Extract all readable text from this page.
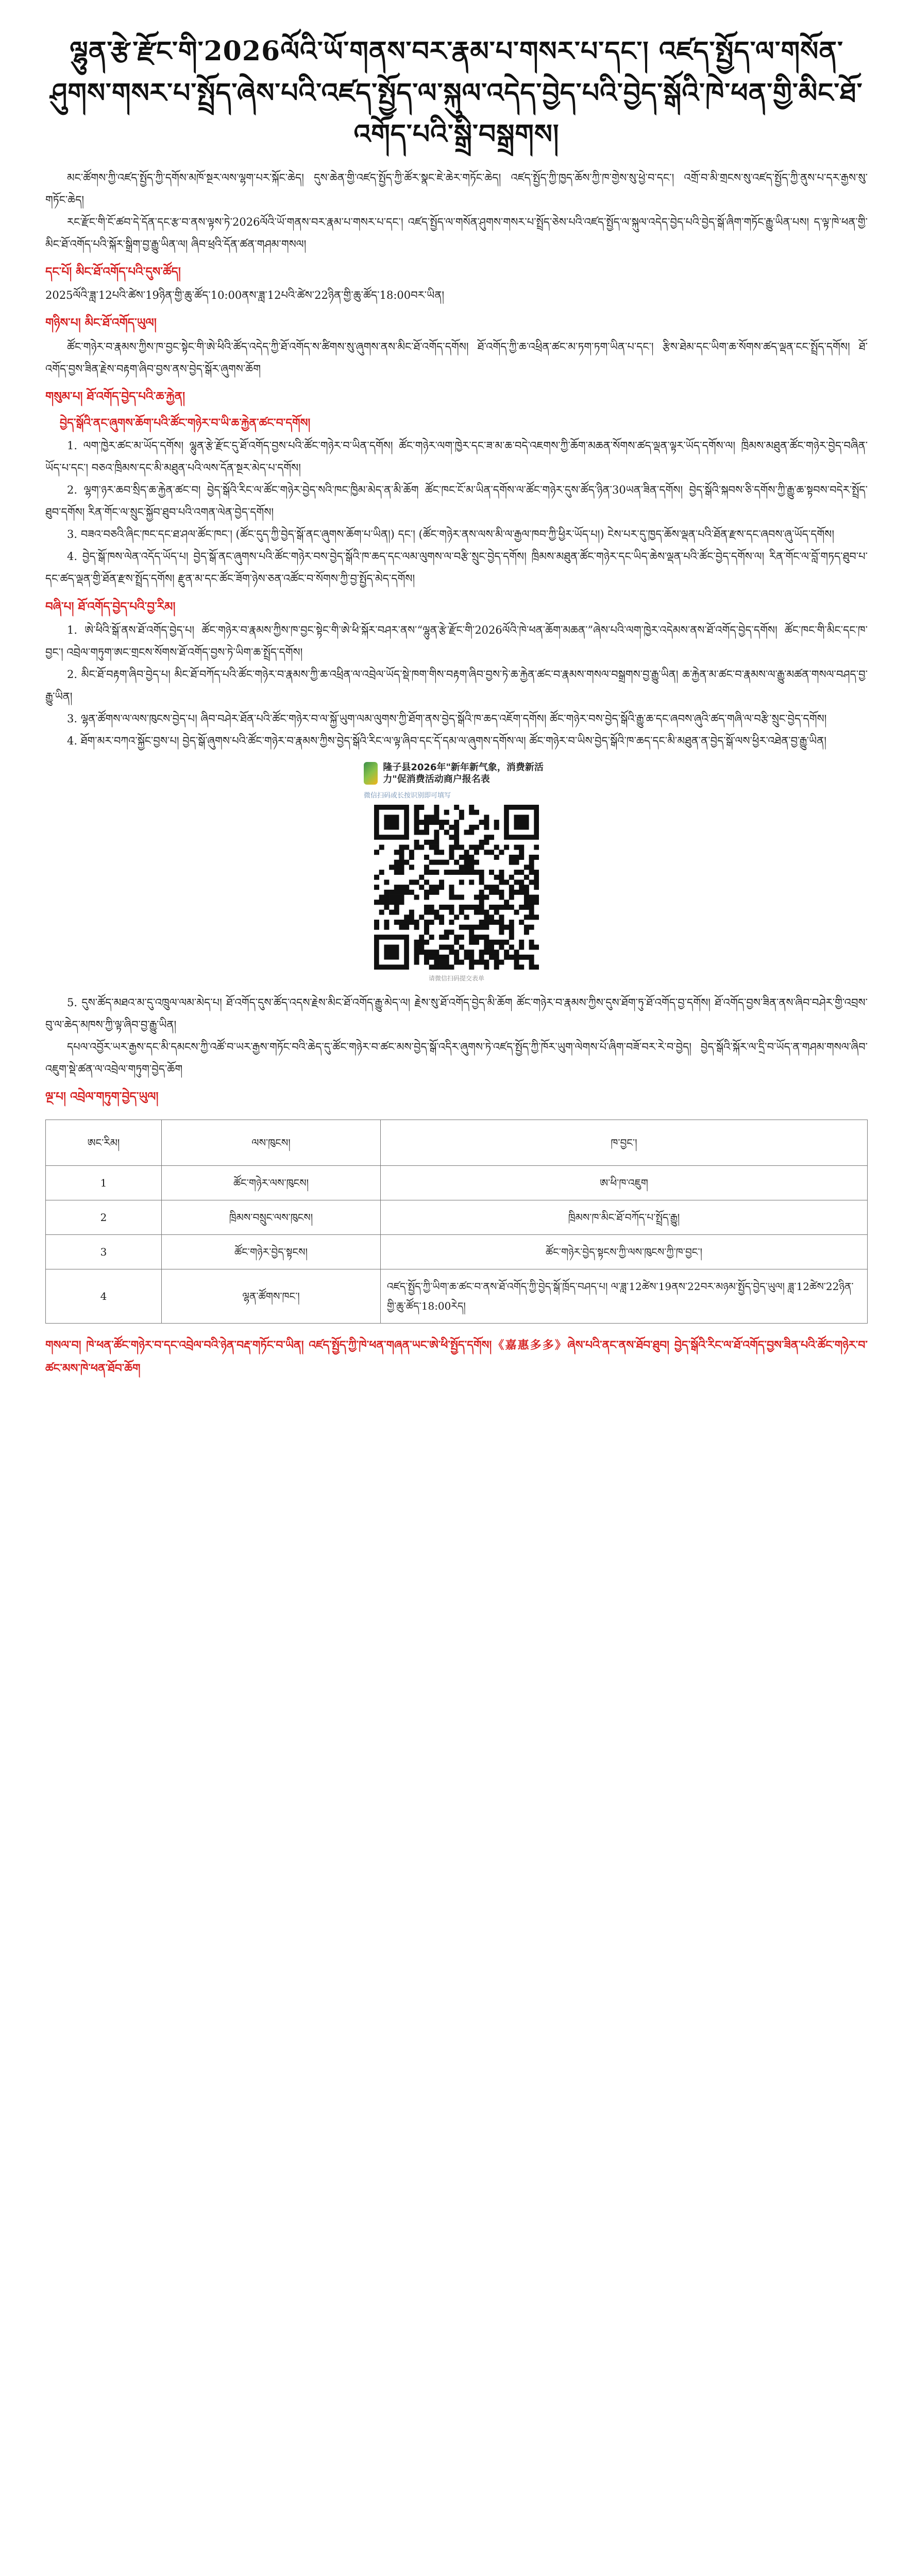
ལྷུན་རྩེ་རྫོང་གི་2026ལོའི་ཡོ་གནས་བར་རྣམ་པ་གསར་པ་དང་། འཛད་སྤྱོད་ལ་གསོན་ཤུགས་གསར་པ་སྤྲོད་ཞེས་པའི་འཛད་སྤྱོད་ལ་སྐུལ་འདེད་བྱེད་པའི་བྱེད་སྒོའི་ཁེ་ཕན་གྱི་མིང་ཐོ་འགོད་པའི་སྒྲི་བསྒྲགས།

མང་ཚོགས་ཀྱི་འཛད་སྤྱོད་ཀྱི་དགོས་མཁོ་སྔར་ལས་ལྷག་པར་སྐོང་ཆེད། དུས་ཆེན་གྱི་འཛད་སྤྱོད་ཀྱི་ཚོར་སྣང་ཇེ་ཆེར་གཏོང་ཆེད། འཛད་སྤྱོད་ཀྱི་ཁྱད་ཆོས་ཀྱི་ཁ་གྱེས་སུ་ཕྱེ་བ་དང་། འགྲོ་བ་མི་གྲངས་སུ་འཛད་སྤྱོད་ཀྱི་ནུས་པ་དར་རྒྱས་སུ་གཏོང་ཆེད།

རང་རྫོང་གི་ངོ་ཚབ་དེ་དོན་དང་རྩ་བ་ནས་ལྟས་ཏེ་2026ལོའི་ཡོ་གནས་བར་རྣམ་པ་གསར་པ་དང་། འཛད་སྤྱོད་ལ་གསོན་ཤུགས་གསར་པ་སྤྲོད་ཅེས་པའི་འཛད་སྤྱོད་ལ་སྐུལ་འདེད་བྱེད་པའི་བྱེད་སྒོ་ཞིག་གཏོང་རྒྱུ་ཡིན་པས། ད་ལྟ་ཁེ་ཕན་གྱི་མིང་ཐོ་འགོད་པའི་སྐོར་སྒྲིག་བྱ་རྒྱུ་ཡིན་ལ། ཞིབ་ཕྲའི་དོན་ཚན་གཤམ་གསལ།

དང་པོ། མིང་ཐོ་འགོད་པའི་དུས་ཚོད།

2025ལོའི་ཟླ་12པའི་ཚེས་19ཉིན་གྱི་ཆུ་ཚོད་10:00ནས་ཟླ་12པའི་ཚེས་22ཉིན་གྱི་ཆུ་ཚོད་18:00བར་ཡིན།

གཉིས་པ། མིང་ཐོ་འགོད་ཡུལ།

ཚོང་གཉེར་བ་རྣམས་ཀྱིས་ཁ་བྱང་སྟེང་གི་ཨེ་ཕིའི་ཚོད་འདེད་ཀྱི་ཐོ་འགོད་ས་ཚིགས་སུ་ཞུགས་ནས་མིང་ཐོ་འགོད་དགོས། ཐོ་འགོད་ཀྱི་ཆ་འཕྲིན་ཚང་མ་ཏག་ཏག་ཡིན་པ་དང་། རྩིས་ཐེམ་དང་ཡིག་ཆ་སོགས་ཚད་ལྡན་ངང་སྤྲོད་དགོས། ཐོ་འགོད་བྱས་ཟིན་རྗེས་བརྟག་ཞིབ་བྱས་ནས་བྱེད་སྒོར་ཞུགས་ཆོག

གསུམ་པ། ཐོ་འགོད་བྱེད་པའི་ཆ་རྐྱེན།
བྱེད་སྒོའི་ནང་ཞུགས་ཆོག་པའི་ཚོང་གཉེར་བ་ཡི་ཆ་རྐྱེན་ཚང་བ་དགོས།

1. ལག་ཁྱེར་ཚང་མ་ཡོད་དགོས། ལྷུན་རྩེ་རྫོང་དུ་ཐོ་འགོད་བྱས་པའི་ཚོང་གཉེར་བ་ཡིན་དགོས། ཚོང་གཉེར་ལག་ཁྱེར་དང་ཟ་མ་ཆ་བདེ་འཇགས་ཀྱི་ཆོག་མཆན་སོགས་ཚད་ལྡན་ལྟར་ཡོད་དགོས་ལ། ཁྲིམས་མཐུན་ཚོང་གཉེར་བྱེད་བཞིན་ཡོད་པ་དང་། བཅའ་ཁྲིམས་དང་མི་མཐུན་པའི་ལས་དོན་སྔར་མེད་པ་དགོས།

2. ལྷག་ཉར་ཆབ་སྲིད་ཆ་རྐྱེན་ཚང་བ། བྱེད་སྒོའི་རིང་ལ་ཚོང་གཉེར་བྱེད་སའི་ཁང་ཁྱིམ་མེད་ན་མི་ཆོག ཚོང་ཁང་ངོ་མ་ཡིན་དགོས་ལ་ཚོང་གཉེར་དུས་ཚོད་ཉིན་30ཡན་ཟིན་དགོས། བྱེད་སྒོའི་སྐབས་ཅི་དགོས་ཀྱི་རྒྱུ་ཆ་སྟབས་བདེར་སྤྲོད་ཐུབ་དགོས། རིན་གོང་ལ་སྲུང་སྐྱོབ་ཐུབ་པའི་འགན་ལེན་བྱེད་དགོས།

3. བཟའ་བཅའི་ཞིང་ཁང་དང་ཐ་ཤལ་ཚོང་ཁང་། (ཚོང་དུད་ཀྱི་བྱེད་སྒོ་ནང་ཞུགས་ཆོག་པ་ཡིན།) དང་། (ཚོང་གཉེར་ནས་ལས་མི་ལ་རྒྱལ་ཁབ་ཀྱི་ཕྱིར་ཡོད་པ།) ངེས་པར་དུ་ཁྱད་ཆོས་ལྡན་པའི་ཐོན་རྫས་དང་ཞབས་ཞུ་ཡོད་དགོས།

4. བྱེད་སྒོ་ཁས་ལེན་འདོད་ཡོད་པ། བྱེད་སྒོ་ནང་ཞུགས་པའི་ཚོང་གཉེར་བས་བྱེད་སྒོའི་ཁ་ཆད་དང་ལམ་ལུགས་ལ་བརྩི་སྲུང་བྱེད་དགོས། ཁྲིམས་མཐུན་ཚོང་གཉེར་དང་ཡིད་ཆེས་ལྡན་པའི་ཚོང་བྱེད་དགོས་ལ། རིན་གོང་ལ་བློ་གཏད་ཐུབ་པ་དང་ཚད་ལྡན་གྱི་ཐོན་རྫས་སྤྲོད་དགོས། རྫུན་མ་དང་ཚོང་ཟོག་ཉེས་ཅན་འཚོང་བ་སོགས་ཀྱི་བྱ་སྤྱོད་མེད་དགོས།

བཞི་པ། ཐོ་འགོད་བྱེད་པའི་བྱ་རིམ།

1. ཨེ་ཕིའི་སྒོ་ནས་ཐོ་འགོད་བྱེད་པ། ཚོང་གཉེར་བ་རྣམས་ཀྱིས་ཁ་བྱང་སྟེང་གི་ཨེ་ཕི་སྐོར་བཤར་ནས་“ལྷུན་རྩེ་རྫོང་གི་2026ལོའི་ཁེ་ཕན་ཆོག་མཆན་”ཞེས་པའི་ལག་ཁྱེར་འདེམས་ནས་ཐོ་འགོད་བྱེད་དགོས། ཚོང་ཁང་གི་མིང་དང་ཁ་བྱང་། འབྲེལ་གཏུག་ཨང་གྲངས་སོགས་ཐོ་འགོད་བྱས་ཏེ་ཡིག་ཆ་སྤྲོད་དགོས།

2. མིང་ཐོ་བརྟག་ཞིབ་བྱེད་པ། མིང་ཐོ་བཀོད་པའི་ཚོང་གཉེར་བ་རྣམས་ཀྱི་ཆ་འཕྲིན་ལ་འབྲེལ་ཡོད་སྡེ་ཁག་གིས་བརྟག་ཞིབ་བྱས་ཏེ་ཆ་རྐྱེན་ཚང་བ་རྣམས་གསལ་བསྒྲགས་བྱ་རྒྱུ་ཡིན། ཆ་རྐྱེན་མ་ཚང་བ་རྣམས་ལ་རྒྱུ་མཚན་གསལ་བཤད་བྱ་རྒྱུ་ཡིན།

3. ལྷན་ཚོགས་ལ་ལས་ཁུངས་བྱེད་པ། ཞིབ་བཤེར་ཐོན་པའི་ཚོང་གཉེར་བ་ལ་སྐྱོ་ཡུག་ལམ་ལུགས་ཀྱི་ཐོག་ནས་བྱེད་སྒོའི་ཁ་ཆད་འཇོག་དགོས། ཚོང་གཉེར་བས་བྱེད་སྒོའི་རྒྱུ་ཆ་དང་ཞབས་ཞུའི་ཚད་གཞི་ལ་བརྩི་སྲུང་བྱེད་དགོས།

4. ཐོག་མར་བཀའ་སྐྱོང་བྱས་པ། བྱེད་སྒོ་ཞུགས་པའི་ཚོང་གཉེར་བ་རྣམས་ཀྱིས་བྱེད་སྒོའི་རིང་ལ་ལྟ་ཞིབ་དང་དོ་དམ་ལ་ཞུགས་དགོས་ལ། ཚོང་གཉེར་བ་ཡིས་བྱེད་སྒོའི་ཁ་ཆད་དང་མི་མཐུན་ན་བྱེད་སྒོ་ལས་ཕྱིར་འཐེན་བྱ་རྒྱུ་ཡིན།

隆子县2026年"新年新气象，消费新活力"促消费活动商户报名表
微信扫码或长按识别即可填写
请微信扫码提交表单

5. དུས་ཚོད་མཐའ་མ་དུ་འཁྲུལ་ལམ་མེད་པ། ཐོ་འགོད་དུས་ཚོད་འདས་རྗེས་མིང་ཐོ་འགོད་རྒྱུ་མེད་ལ། རྗེས་སུ་ཐོ་འགོད་བྱེད་མི་ཆོག ཚོང་གཉེར་བ་རྣམས་ཀྱིས་དུས་ཐོག་ཏུ་ཐོ་འགོད་བྱ་དགོས། ཐོ་འགོད་བྱས་ཟིན་ནས་ཞིབ་བཤེར་གྱི་འབྲས་བུ་ལ་ཆེད་མཁས་ཀྱི་ལྟ་ཞིབ་བྱ་རྒྱུ་ཡིན།

དཔལ་འབྱོར་ཡར་རྒྱས་དང་མི་དམངས་ཀྱི་འཚོ་བ་ཡར་རྒྱས་གཏོང་བའི་ཆེད་དུ་ཚོང་གཉེར་བ་ཚང་མས་བྱེད་སྒོ་འདིར་ཞུགས་ཏེ་འཛད་སྤྱོད་ཀྱི་ཁོར་ཡུག་ལེགས་པོ་ཞིག་བཟོ་བར་རེ་བ་བྱེད། བྱེད་སྒོའི་སྐོར་ལ་དྲི་བ་ཡོད་ན་གཤམ་གསལ་ཞིབ་འཇུག་སྡེ་ཚན་ལ་འབྲེལ་གཏུག་བྱེད་ཆོག

ལྔ་པ། འབྲེལ་གཏུག་བྱེད་ཡུལ།
ཨང་རིམ།	ལས་ཁུངས།	ཁ་བྱང་།
1	ཚོང་གཉེར་ལས་ཁུངས།	ཨ་ཕི་ཁ་འཇུག
2	ཁྲིམས་བསྲུང་ལས་ཁུངས།	ཁྲིམས་ཁ་མིང་ཐོ་བཀོད་པ་སྤྲོད་རྒྱུ།
3	ཚོང་གཉེར་བྱེད་སྟངས།	ཚོང་གཉེར་བྱེད་སྟངས་ཀྱི་ལས་ཁུངས་ཀྱི་ཁ་བྱང་།
4	ལྷན་ཚོགས་ཁང་།	འཛད་སྤྱོད་ཀྱི་ཡིག་ཆ་ཚང་བ་ནས་ཐོ་འགོད་ཀྱི་བྱེད་སྒོ་ཁྲོད་བཤད་པ། ལ་ཟླ་12ཚེས་19ནས་22བར་མཉམ་སྤྱོད་བྱེད་ཡུལ། ཟླ་12ཚེས་22ཉིན་གྱི་ཆུ་ཚོད་18:00རེད།

གསལ་བ། ཁེ་ཕན་ཚོང་གཉེར་བ་དང་འབྲེལ་བའི་ཉེན་བརྡ་གཏོང་བ་ཡིན། འཛད་སྤྱོད་ཀྱི་ཁེ་ཕན་གཞན་ཡང་ཨེ་ཕི་སྤྱོད་དགོས།《嘉惠多多》ཞེས་པའི་ནང་ནས་ཐོབ་ཐུབ། བྱེད་སྒོའི་རིང་ལ་ཐོ་འགོད་བྱས་ཟིན་པའི་ཚོང་གཉེར་བ་ཚང་མས་ཁེ་ཕན་ཐོབ་ཆོག
